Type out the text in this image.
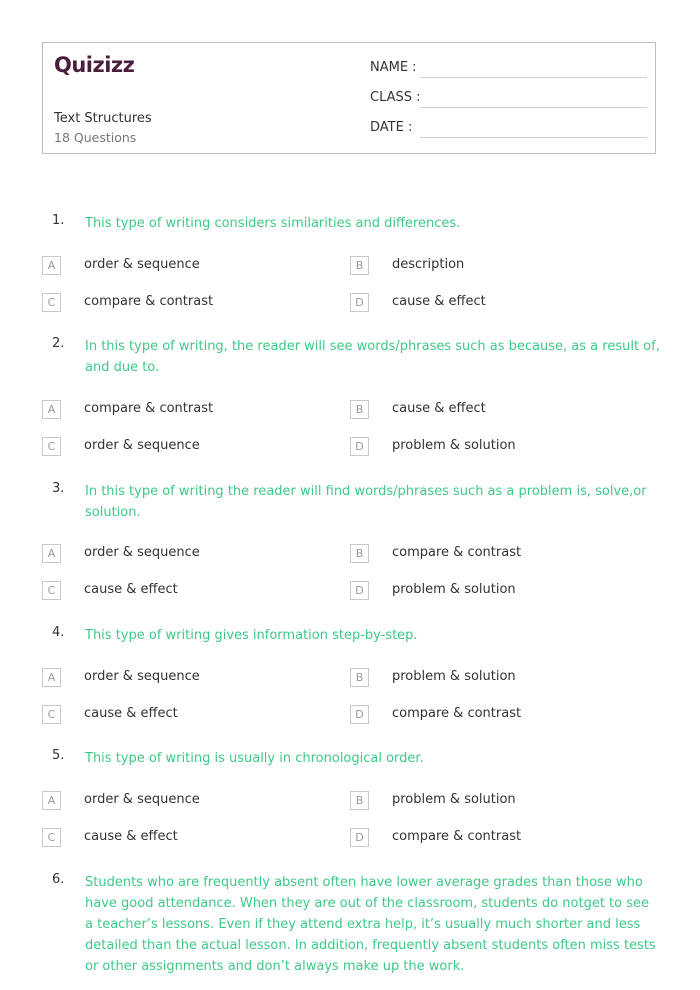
Quizizz
Text Structures
18 Questions
NAME :
CLASS :
DATE :
1. This type of writing considers similarities and differences.
A	order & sequence	B	description
C	compare & contrast	D	cause & effect
2. In this type of writing, the reader will see words/phrases such as because, as a result of, and due to.
A	compare & contrast	B	cause & effect
C	order & sequence	D	problem & solution
3. In this type of writing the reader will find words/phrases such as a problem is, solve,or solution.
A	order & sequence	B	compare & contrast
C	cause & effect	D	problem & solution
4. This type of writing gives information step-by-step.
A	order & sequence	B	problem & solution
C	cause & effect	D	compare & contrast
5. This type of writing is usually in chronological order.
A	order & sequence	B	problem & solution
C	cause & effect	D	compare & contrast
6. Students who are frequently absent often have lower average grades than those who have good attendance. When they are out of the classroom, students do notget to see a teacher’s lessons. Even if they attend extra help, it’s usually much shorter and less detailed than the actual lesson. In addition, frequently absent students often miss tests or other assignments and don’t always make up the work.
